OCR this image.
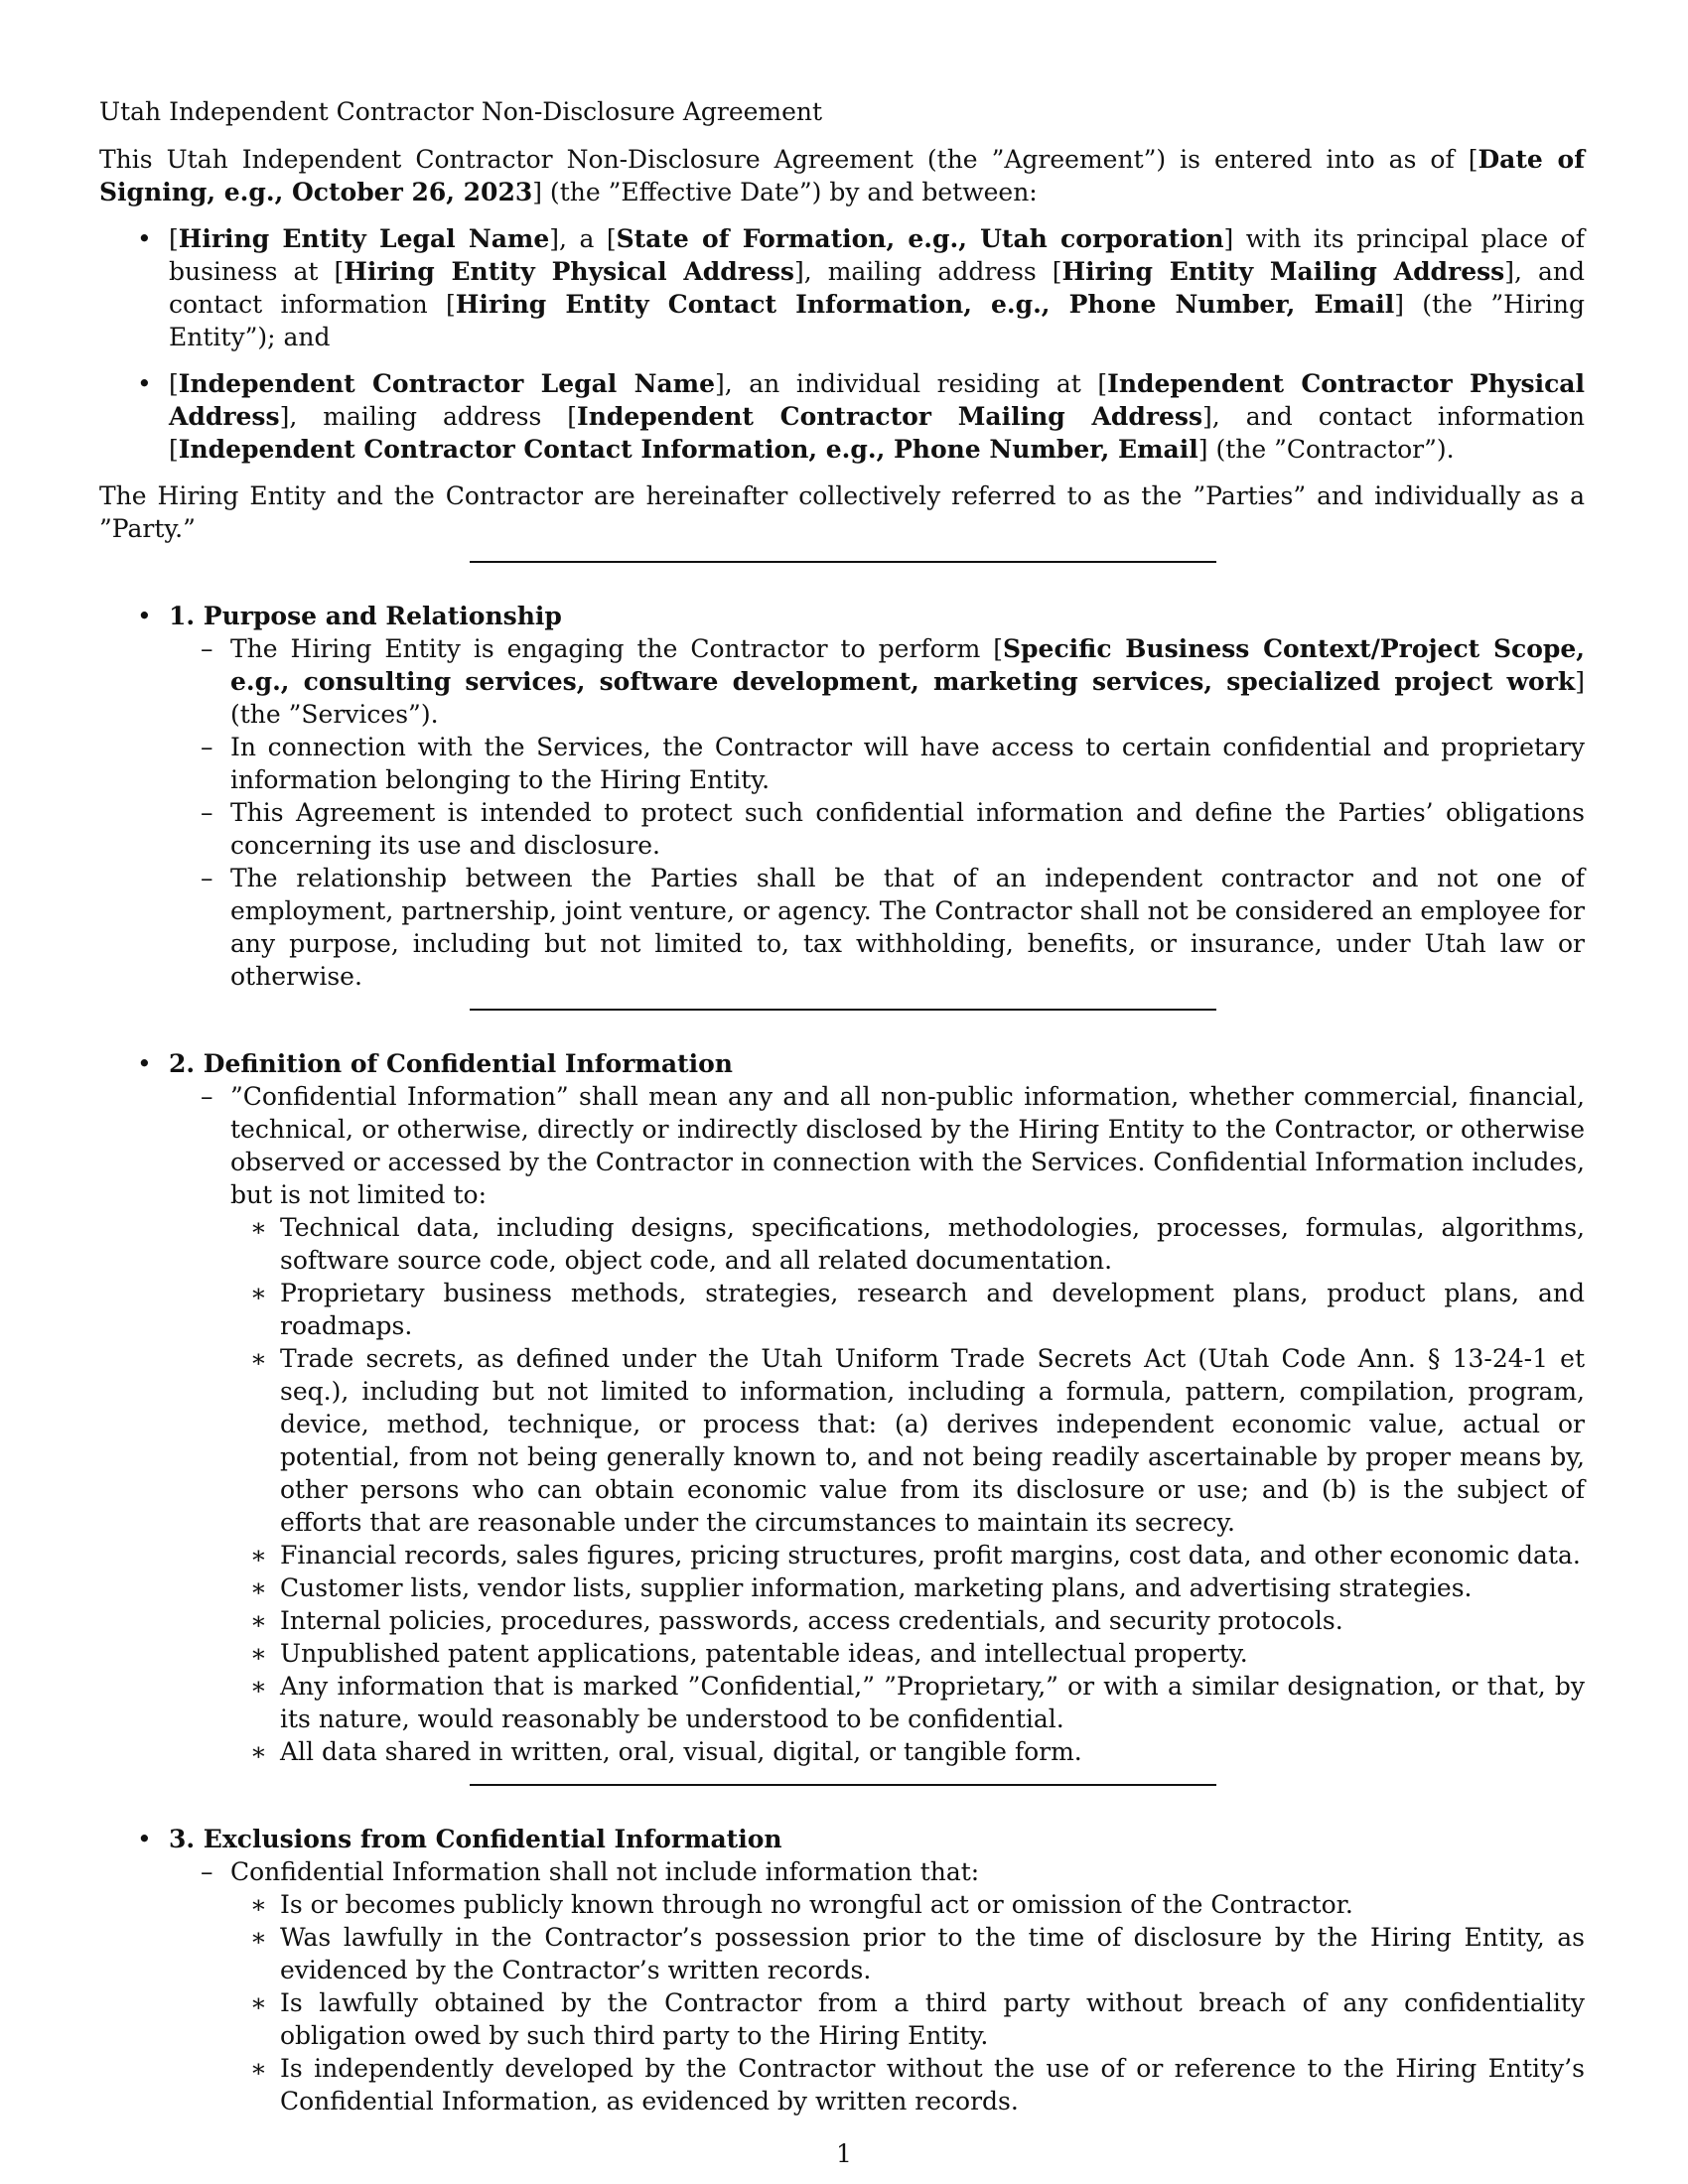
Utah Independent Contractor Non-Disclosure Agreement

This Utah Independent Contractor Non-Disclosure Agreement (the ”Agreement”) is entered into as of [Date of Signing, e.g., October 26, 2023] (the ”Effective Date”) by and between:

• [Hiring Entity Legal Name], a [State of Formation, e.g., Utah corporation] with its principal place of business at [Hiring Entity Physical Address], mailing address [Hiring Entity Mailing Address], and contact information [Hiring Entity Contact Information, e.g., Phone Number, Email] (the ”Hiring Entity”); and
• [Independent Contractor Legal Name], an individual residing at [Independent Contractor Physical Address], mailing address [Independent Contractor Mailing Address], and contact information [Independent Contractor Contact Information, e.g., Phone Number, Email] (the ”Contractor”).

The Hiring Entity and the Contractor are hereinafter collectively referred to as the ”Parties” and individually as a ”Party.”

• 1. Purpose and Relationship
– The Hiring Entity is engaging the Contractor to perform [Specific Business Context/Project Scope, e.g., consulting services, software development, marketing services, specialized project work] (the ”Services”).
– In connection with the Services, the Contractor will have access to certain confidential and proprietary information belonging to the Hiring Entity.
– This Agreement is intended to protect such confidential information and define the Parties’ obligations concerning its use and disclosure.
– The relationship between the Parties shall be that of an independent contractor and not one of employment, partnership, joint venture, or agency. The Contractor shall not be considered an employee for any purpose, including but not limited to, tax withholding, benefits, or insurance, under Utah law or otherwise.
• 2. Definition of Confidential Information
– ”Confidential Information” shall mean any and all non-public information, whether commercial, financial, technical, or otherwise, directly or indirectly disclosed by the Hiring Entity to the Contractor, or otherwise observed or accessed by the Contractor in connection with the Services. Confidential Information includes, but is not limited to:
∗ Technical data, including designs, specifications, methodologies, processes, formulas, algorithms, software source code, object code, and all related documentation.
∗ Proprietary business methods, strategies, research and development plans, product plans, and roadmaps.
∗ Trade secrets, as defined under the Utah Uniform Trade Secrets Act (Utah Code Ann. § 13-24-1 et seq.), including but not limited to information, including a formula, pattern, compilation, program, device, method, technique, or process that: (a) derives independent economic value, actual or potential, from not being generally known to, and not being readily ascertainable by proper means by, other persons who can obtain economic value from its disclosure or use; and (b) is the subject of efforts that are reasonable under the circumstances to maintain its secrecy.
∗ Financial records, sales figures, pricing structures, profit margins, cost data, and other economic data.
∗ Customer lists, vendor lists, supplier information, marketing plans, and advertising strategies.
∗ Internal policies, procedures, passwords, access credentials, and security protocols.
∗ Unpublished patent applications, patentable ideas, and intellectual property.
∗ Any information that is marked ”Confidential,” ”Proprietary,” or with a similar designation, or that, by its nature, would reasonably be understood to be confidential.
∗ All data shared in written, oral, visual, digital, or tangible form.
• 3. Exclusions from Confidential Information
– Confidential Information shall not include information that:
∗ Is or becomes publicly known through no wrongful act or omission of the Contractor.
∗ Was lawfully in the Contractor’s possession prior to the time of disclosure by the Hiring Entity, as evidenced by the Contractor’s written records.
∗ Is lawfully obtained by the Contractor from a third party without breach of any confidentiality obligation owed by such third party to the Hiring Entity.
∗ Is independently developed by the Contractor without the use of or reference to the Hiring Entity’s Confidential Information, as evidenced by written records.
1
